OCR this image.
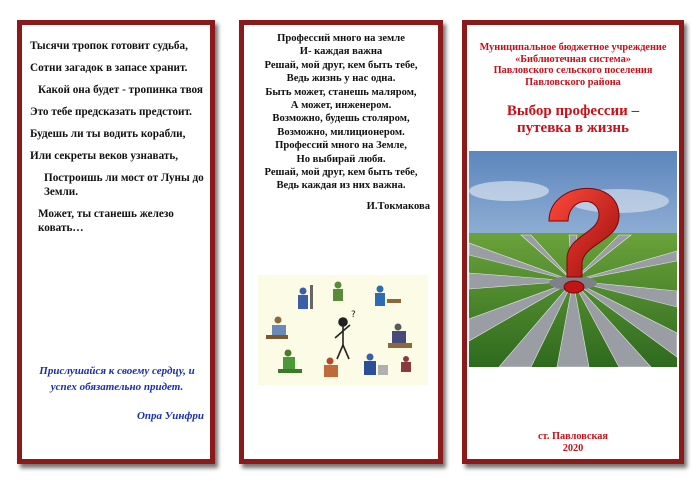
Тысячи тропок готовит судьба,
Сотни загадок в запасе хранит.
Какой она будет - тропинка твоя
Это тебе предсказать предстоит.
Будешь ли ты водить корабли,
Или секреты веков узнавать,
Построишь ли мост от Луны до Земли.
Может, ты станешь железо ковать…
Прислушайся к своему сердцу, и
успех обязательно придет.
Опра Уинфри
Профессий много на земле
И- каждая важна
Решай, мой друг, кем быть тебе,
Ведь жизнь у нас одна.
Быть может, станешь маляром,
А может, инженером.
Возможно, будешь столяром,
Возможно, милиционером.
Профессий много на Земле,
Но выбирай любя.
Решай, мой друг, кем быть тебе,
Ведь каждая из них важна.
И.Токмакова
?
Муниципальное бюджетное учреждение
«Библиотечная система»
Павловского сельского поселения
Павловского района
Выбор профессии –
путевка в жизнь
ст. Павловская
2020
